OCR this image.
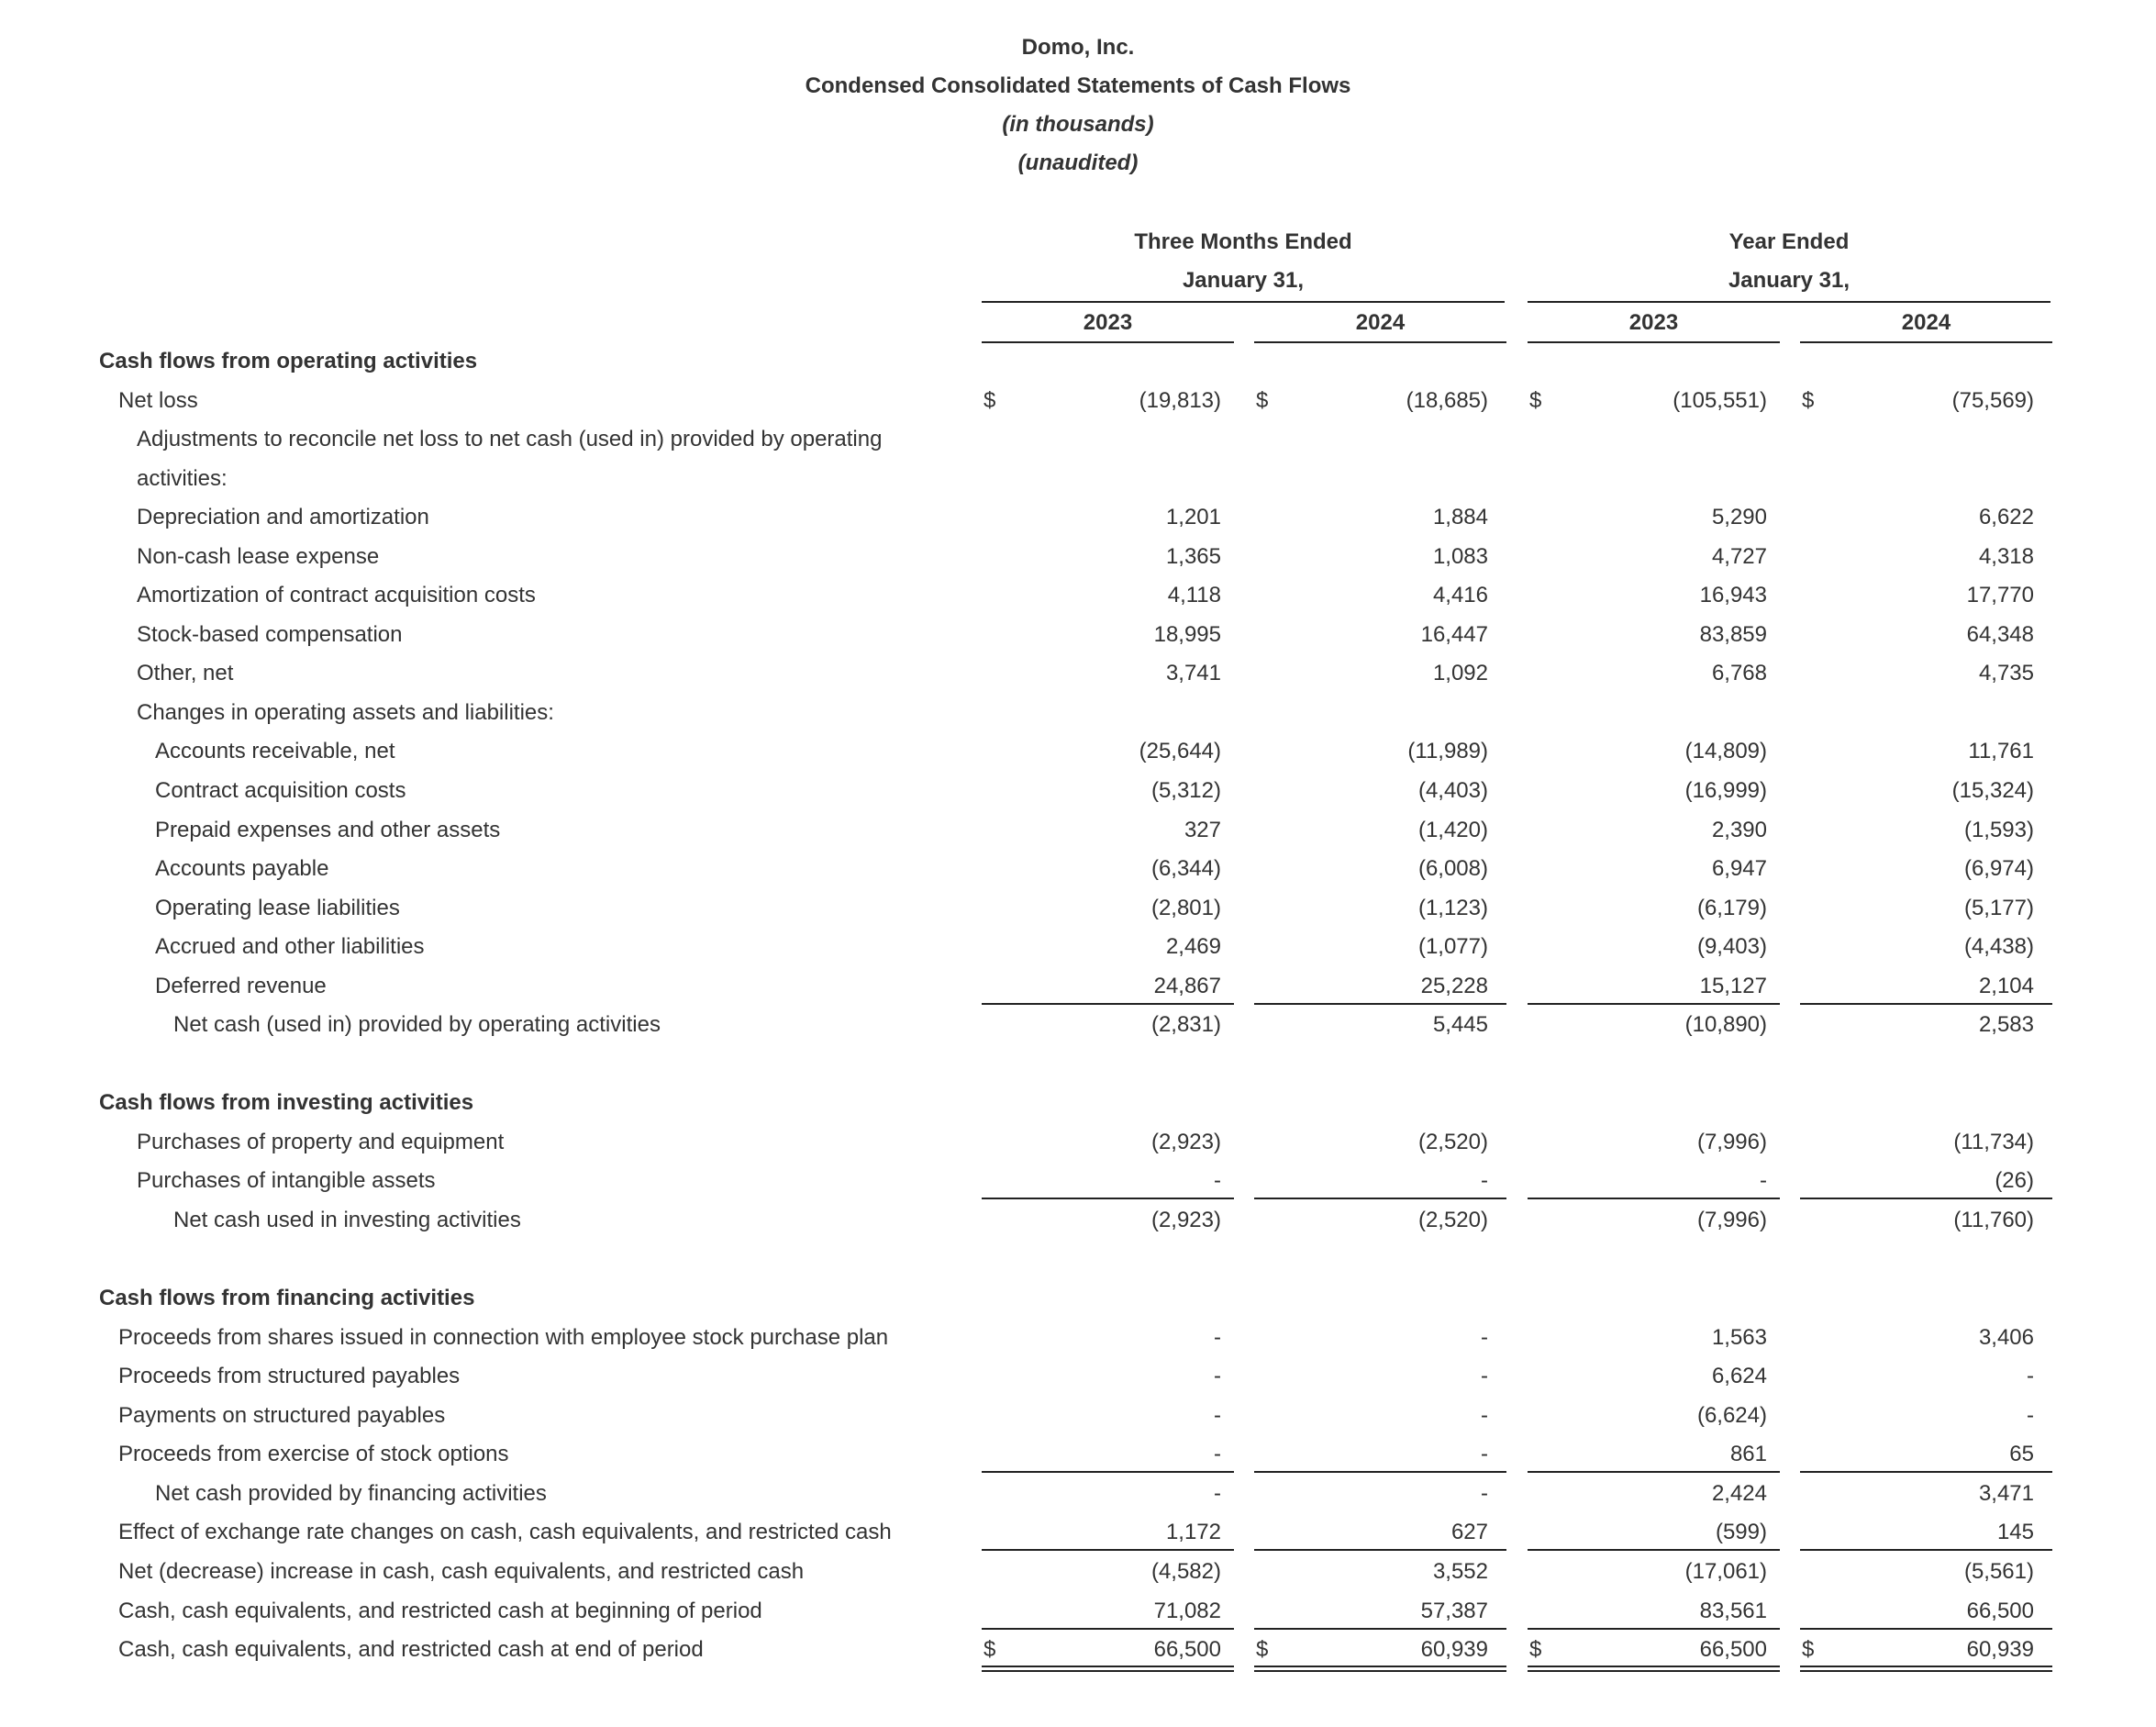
Domo, Inc.
Condensed Consolidated Statements of Cash Flows
(in thousands)
(unaudited)
Three Months Ended
January 31,
Year Ended
January 31,
2023	2024	2023	2024
Cash flows from operating activities
Net loss	$	(19,813) $	(18,685) $	(105,551) $	(75,569)
Adjustments to reconcile net loss to net cash (used in) provided by operating
activities:
Depreciation and amortization	1,201	1,884	5,290	6,622
Non-cash lease expense	1,365	1,083	4,727	4,318
Amortization of contract acquisition costs	4,118	4,416	16,943	17,770
Stock-based compensation	18,995	16,447	83,859	64,348
Other, net	3,741	1,092	6,768	4,735
Changes in operating assets and liabilities:
Accounts receivable, net	(25,644)	(11,989)	(14,809)	11,761
Contract acquisition costs	(5,312)	(4,403)	(16,999)	(15,324)
Prepaid expenses and other assets	327	(1,420)	2,390	(1,593)
Accounts payable	(6,344)	(6,008)	6,947	(6,974)
Operating lease liabilities	(2,801)	(1,123)	(6,179)	(5,177)
Accrued and other liabilities	2,469	(1,077)	(9,403)	(4,438)
Deferred revenue	24,867	25,228	15,127	2,104
Net cash (used in) provided by operating activities	(2,831)	5,445	(10,890)	2,583
Cash flows from investing activities
Purchases of property and equipment	(2,923)	(2,520)	(7,996)	(11,734)
Purchases of intangible assets	-	-	-	(26)
Net cash used in investing activities	(2,923)	(2,520)	(7,996)	(11,760)
Cash flows from financing activities
Proceeds from shares issued in connection with employee stock purchase plan	-	-	1,563	3,406
Proceeds from structured payables	-	-	6,624	-
Payments on structured payables	-	-	(6,624)	-
Proceeds from exercise of stock options	-	-	861	65
Net cash provided by financing activities	-	-	2,424	3,471
Effect of exchange rate changes on cash, cash equivalents, and restricted cash	1,172	627	(599)	145
Net (decrease) increase in cash, cash equivalents, and restricted cash	(4,582)	3,552	(17,061)	(5,561)
Cash, cash equivalents, and restricted cash at beginning of period	71,082	57,387	83,561	66,500
Cash, cash equivalents, and restricted cash at end of period	$	66,500 $	60,939 $	66,500 $	60,939
